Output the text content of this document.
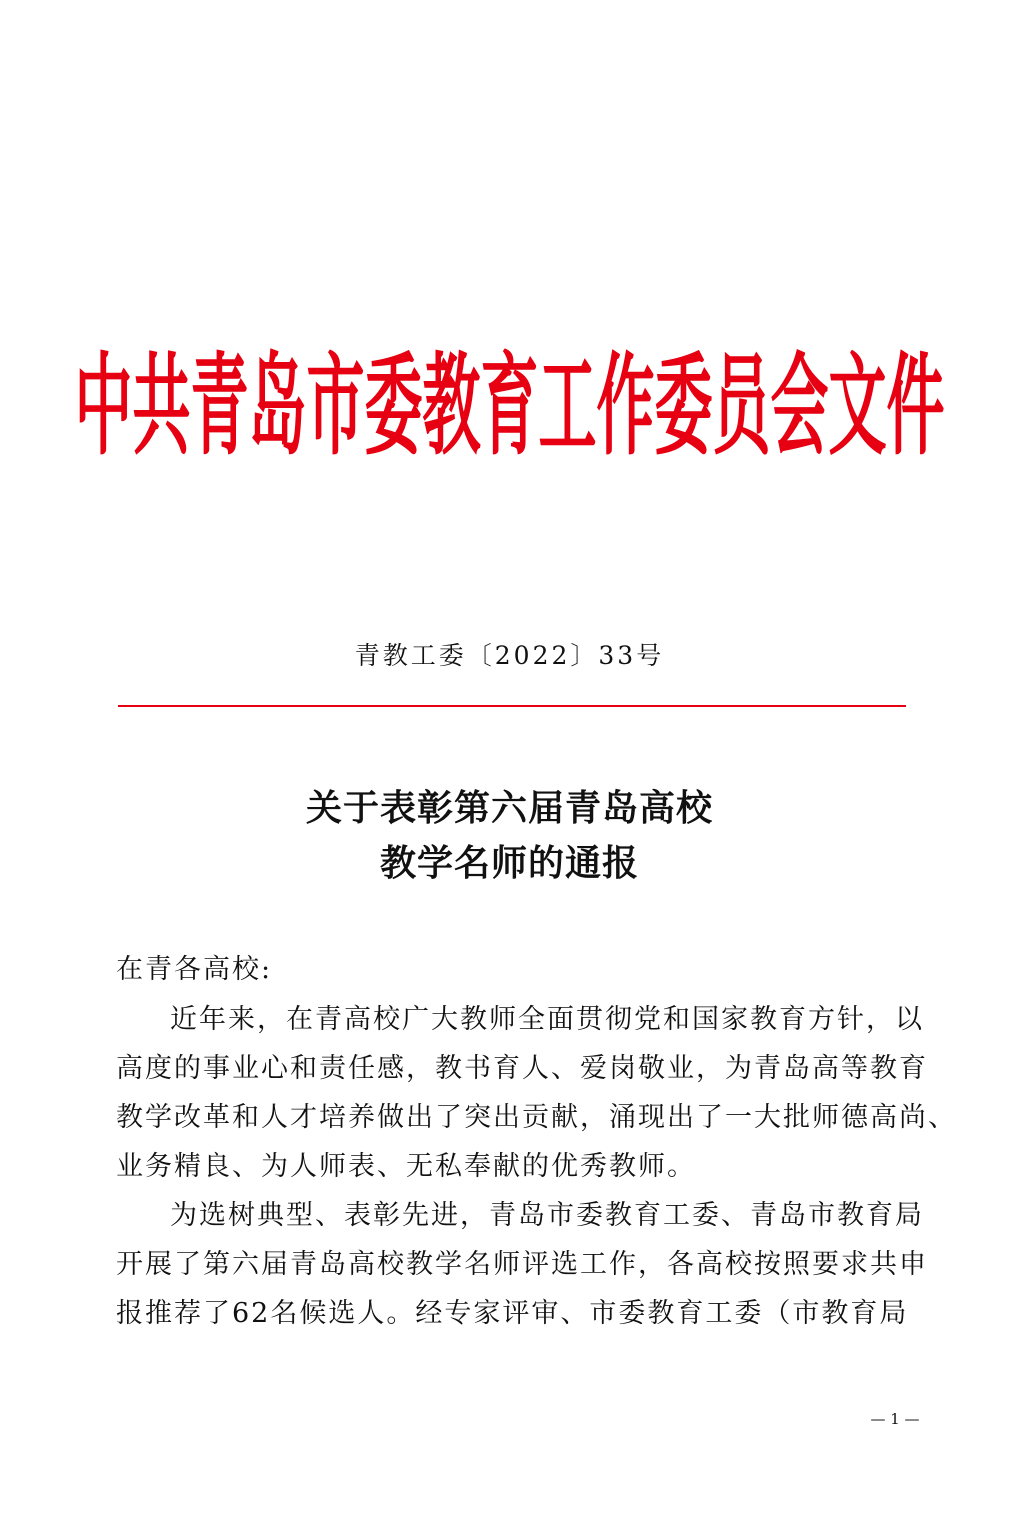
中共青岛市委教育工作委员会文件
青教工委〔2022〕33号
关于表彰第六届青岛高校
教学名师的通报
在青各高校:
近年来，在青高校广大教师全面贯彻党和国家教育方针，以
高度的事业心和责任感，教书育人、爱岗敬业，为青岛高等教育
教学改革和人才培养做出了突出贡献，涌现出了一大批师德高尚、
业务精良、为人师表、无私奉献的优秀教师。
为选树典型、表彰先进，青岛市委教育工委、青岛市教育局
开展了第六届青岛高校教学名师评选工作，各高校按照要求共申
报推荐了62名候选人。经专家评审、市委教育工委（市教育局
— 1 —
